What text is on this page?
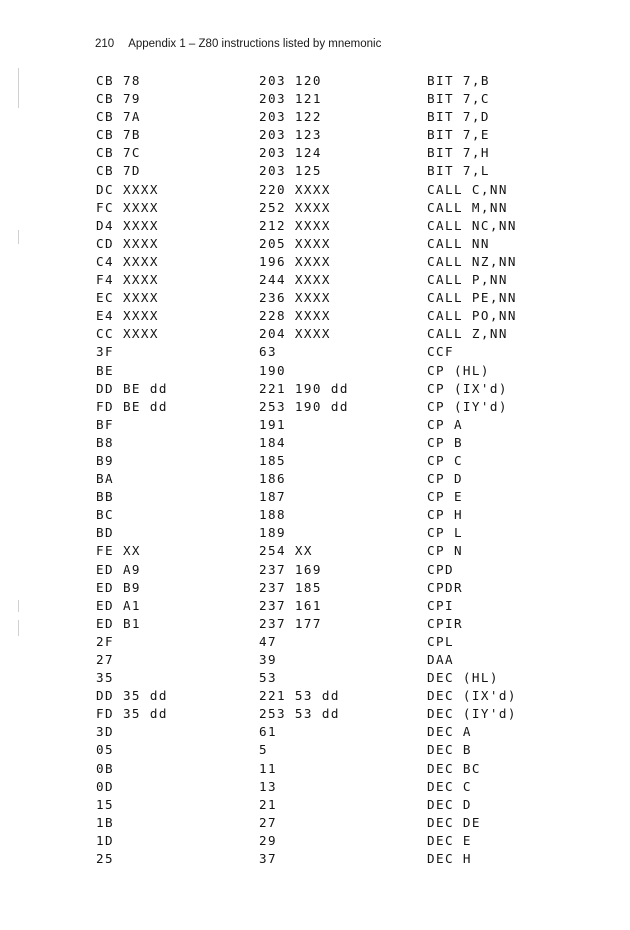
210 Appendix 1 – Z80 instructions listed by mnemonic
CB 78	203 120	BIT 7,B
CB 79	203 121	BIT 7,C
CB 7A	203 122	BIT 7,D
CB 7B	203 123	BIT 7,E
CB 7C	203 124	BIT 7,H
CB 7D	203 125	BIT 7,L
DC XXXX	220 XXXX	CALL C,NN
FC XXXX	252 XXXX	CALL M,NN
D4 XXXX	212 XXXX	CALL NC,NN
CD XXXX	205 XXXX	CALL NN
C4 XXXX	196 XXXX	CALL NZ,NN
F4 XXXX	244 XXXX	CALL P,NN
EC XXXX	236 XXXX	CALL PE,NN
E4 XXXX	228 XXXX	CALL PO,NN
CC XXXX	204 XXXX	CALL Z,NN
3F	63	CCF
BE	190	CP (HL)
DD BE dd	221 190 dd	CP (IX'd)
FD BE dd	253 190 dd	CP (IY'd)
BF	191	CP A
B8	184	CP B
B9	185	CP C
BA	186	CP D
BB	187	CP E
BC	188	CP H
BD	189	CP L
FE XX	254 XX	CP N
ED A9	237 169	CPD
ED B9	237 185	CPDR
ED A1	237 161	CPI
ED B1	237 177	CPIR
2F	47	CPL
27	39	DAA
35	53	DEC (HL)
DD 35 dd	221 53 dd	DEC (IX'd)
FD 35 dd	253 53 dd	DEC (IY'd)
3D	61	DEC A
05	5	DEC B
0B	11	DEC BC
0D	13	DEC C
15	21	DEC D
1B	27	DEC DE
1D	29	DEC E
25	37	DEC H
